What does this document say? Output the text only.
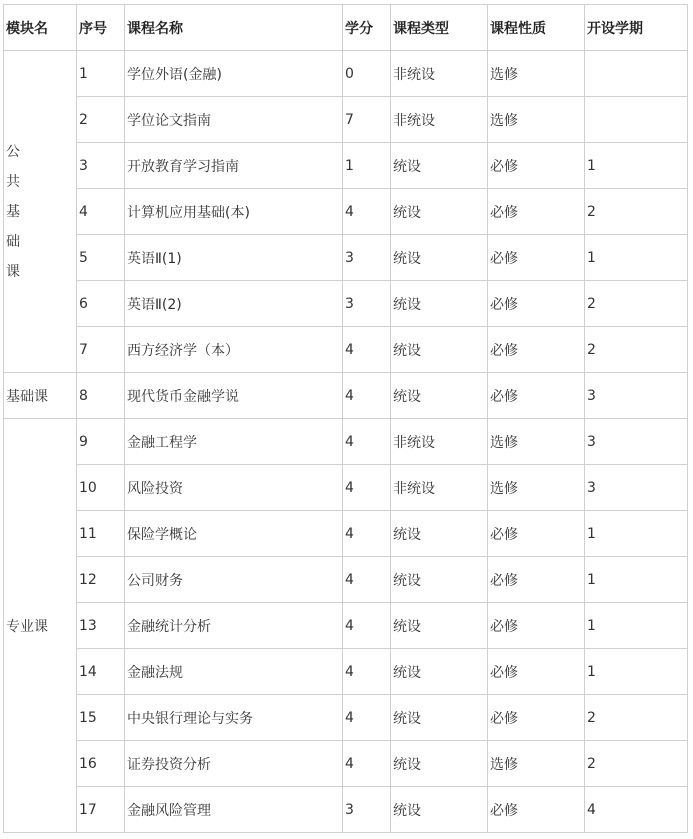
模块名	序号	课程名称	学分	课程类型	课程性质	开设学期

公
共
基
础
课	1	学位外语(金融)	0	非统设	选修	
	2	学位论文指南	7	非统设	选修	
	3	开放教育学习指南	1	统设	必修	1
	4	计算机应用基础(本)	4	统设	必修	2
	5	英语Ⅱ(1)	3	统设	必修	1
	6	英语Ⅱ(2)	3	统设	必修	2
	7	西方经济学（本）	4	统设	必修	2
基础课	8	现代货币金融学说	4	统设	必修	3
专业课	9	金融工程学	4	非统设	选修	3
	10	风险投资	4	非统设	选修	3
	11	保险学概论	4	统设	必修	1
	12	公司财务	4	统设	必修	1
	13	金融统计分析	4	统设	必修	1
	14	金融法规	4	统设	必修	1
	15	中央银行理论与实务	4	统设	必修	2
	16	证券投资分析	4	统设	选修	2
	17	金融风险管理	3	统设	必修	4
